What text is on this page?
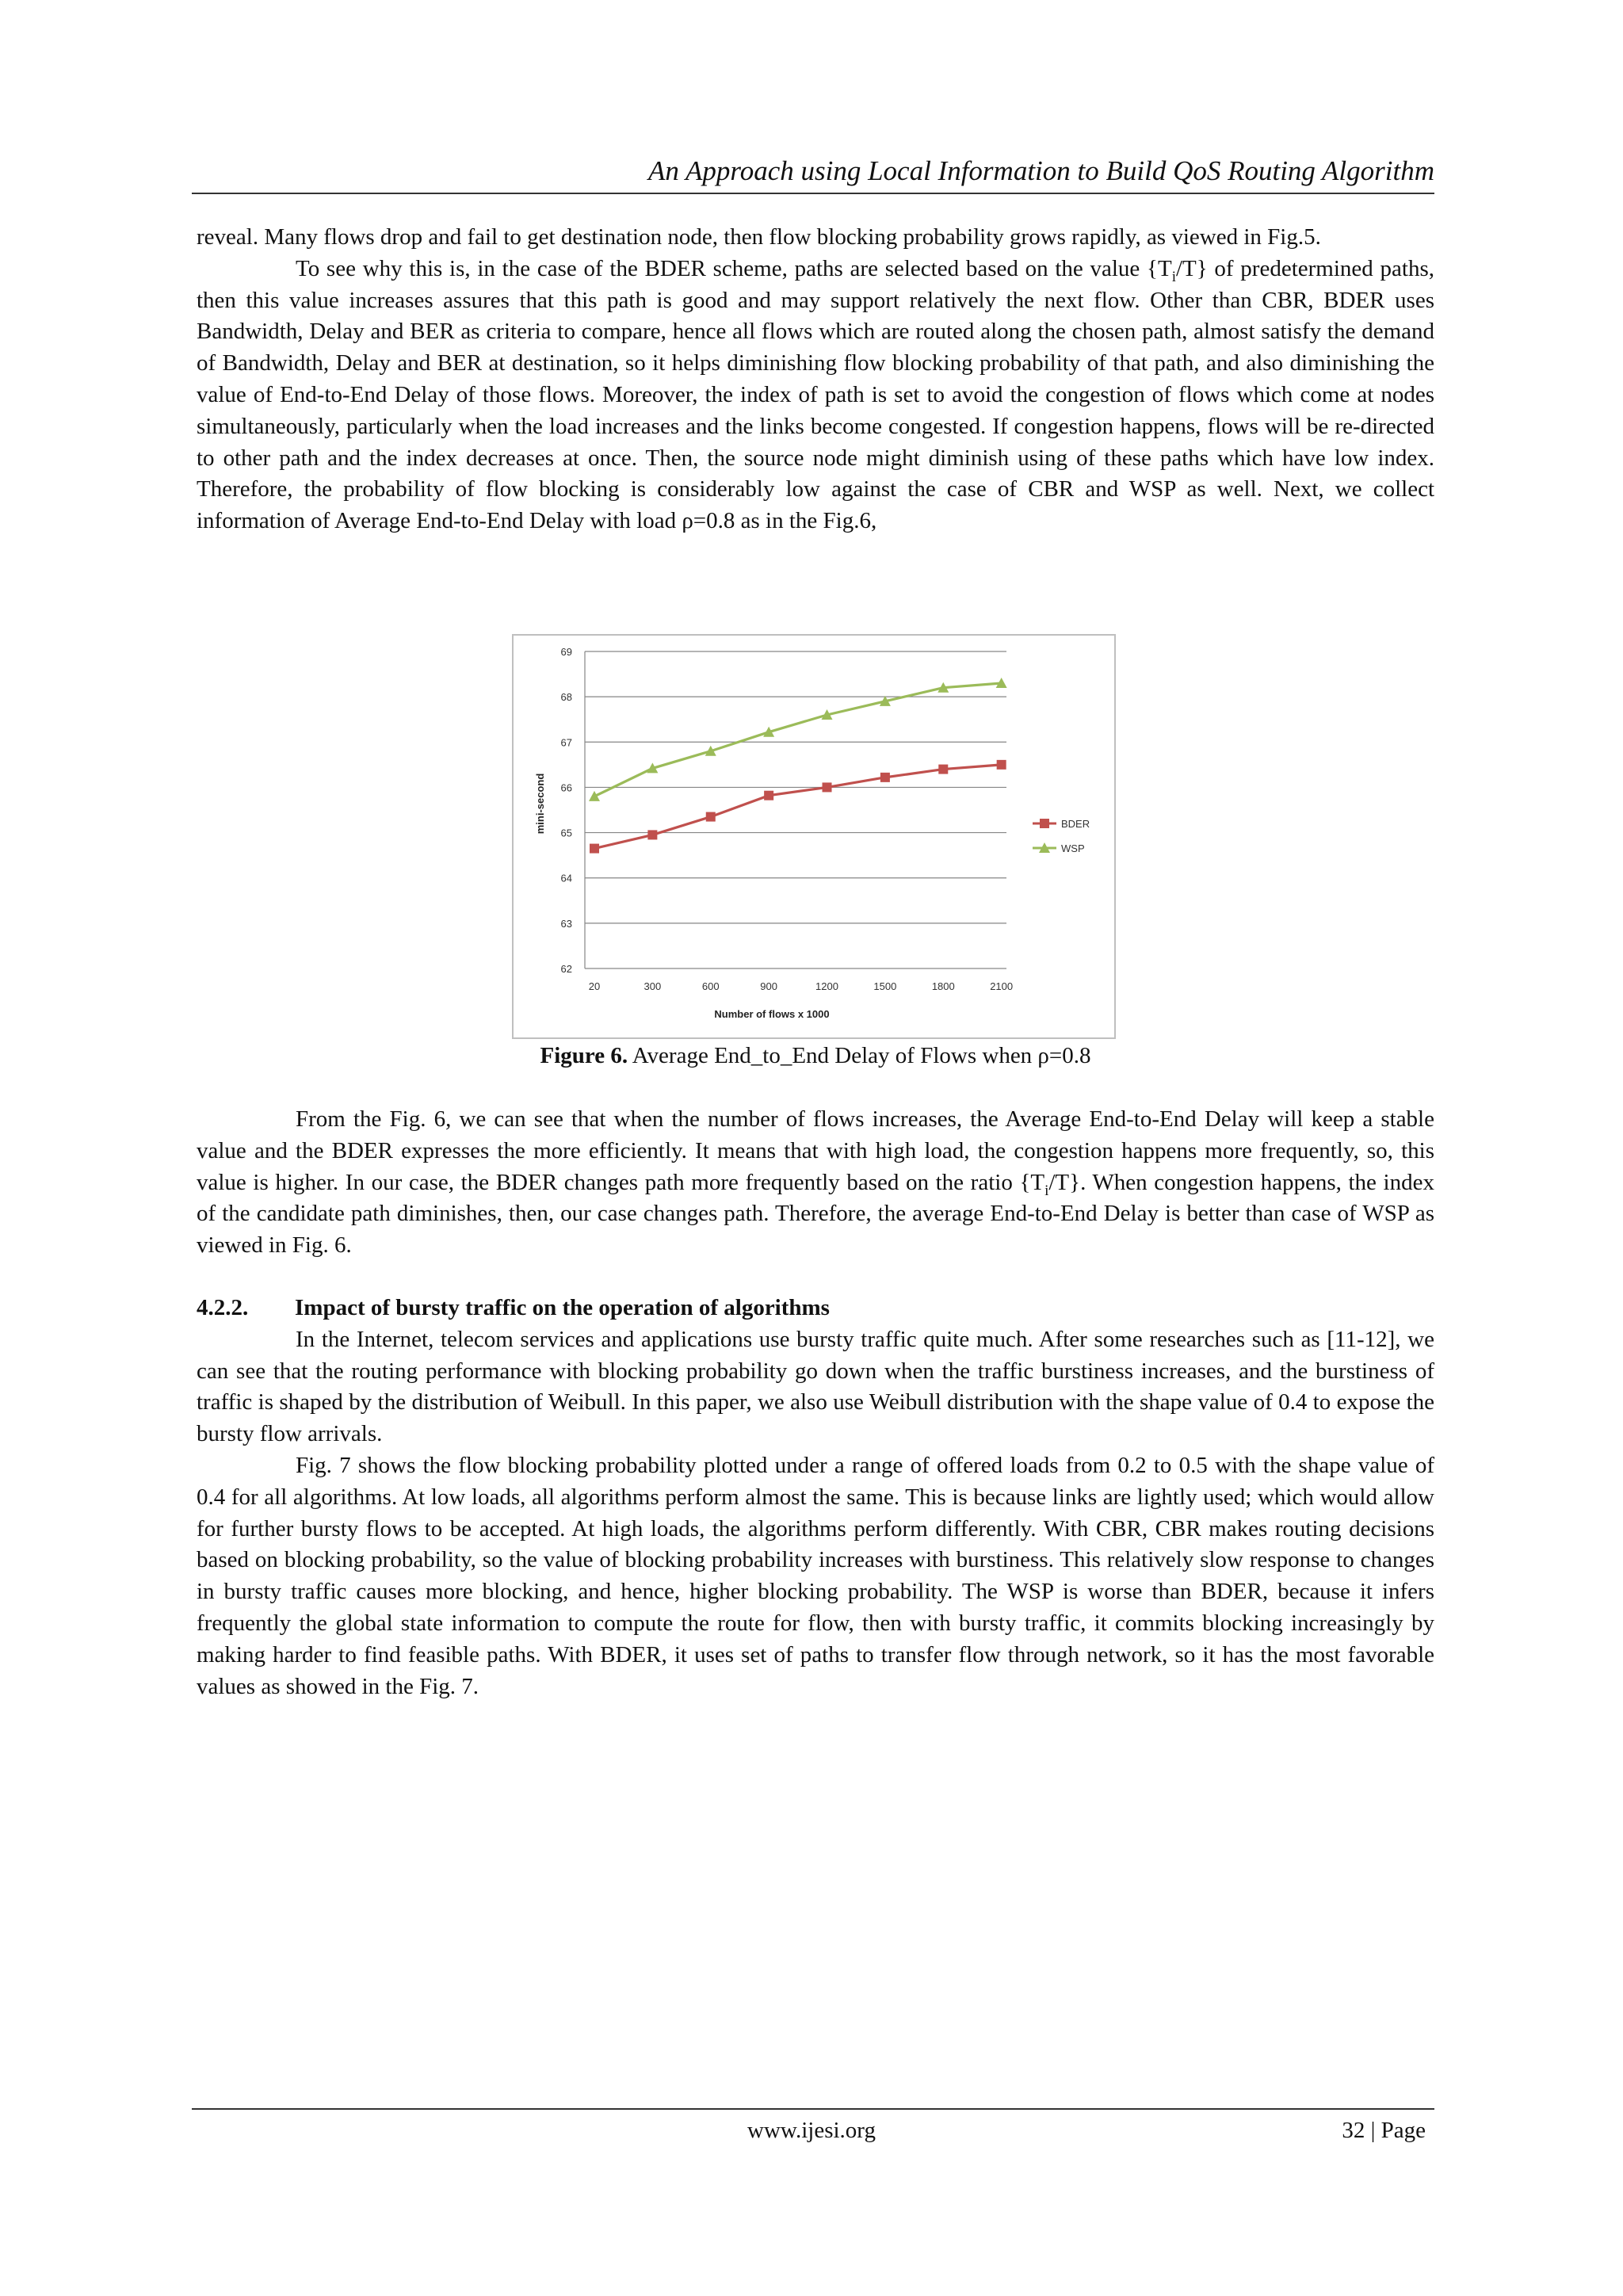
An Approach using Local Information to Build QoS Routing Algorithm

reveal. Many flows drop and fail to get destination node, then flow blocking probability grows rapidly, as viewed in Fig.5.

To see why this is, in the case of the BDER scheme, paths are selected based on the value $\{T_i/T\}$ of predetermined paths, then this value increases assures that this path is good and may support relatively the next flow. Other than CBR, BDER uses Bandwidth, Delay and BER as criteria to compare, hence all flows which are routed along the chosen path, almost satisfy the demand of Bandwidth, Delay and BER at destination, so it helps diminishing flow blocking probability of that path, and also diminishing the value of End-to-End Delay of those flows. Moreover, the index of path is set to avoid the congestion of flows which come at nodes simultaneously, particularly when the load increases and the links become congested. If congestion happens, flows will be re-directed to other path and the index decreases at once. Then, the source node might diminish using of these paths which have low index. Therefore, the probability of flow blocking is considerably low against the case of CBR and WSP as well. Next, we collect information of Average End-to-End Delay with load ρ=0.8 as in the Fig.6,

62
63
64
65
66
67
68
69
20	300	600	900	1200	1500	1800	2100
Number of flows x 1000
mini-second	BDER
WSP
Figure 6. Average End_to_End Delay of Flows when ρ=0.8

From the Fig. 6, we can see that when the number of flows increases, the Average End-to-End Delay will keep a stable value and the BDER expresses the more efficiently. It means that with high load, the congestion happens more frequently, so, this value is higher. In our case, the BDER changes path more frequently based on the ratio $\{T_i/T\}$. When congestion happens, the index of the candidate path diminishes, then, our case changes path. Therefore, the average End-to-End Delay is better than case of WSP as viewed in Fig. 6.

4.2.2. Impact of bursty traffic on the operation of algorithms

In the Internet, telecom services and applications use bursty traffic quite much. After some researches such as [11-12], we can see that the routing performance with blocking probability go down when the traffic burstiness increases, and the burstiness of traffic is shaped by the distribution of Weibull. In this paper, we also use Weibull distribution with the shape value of 0.4 to expose the bursty flow arrivals.

Fig. 7 shows the flow blocking probability plotted under a range of offered loads from 0.2 to 0.5 with the shape value of 0.4 for all algorithms. At low loads, all algorithms perform almost the same. This is because links are lightly used; which would allow for further bursty flows to be accepted. At high loads, the algorithms perform differently. With CBR, CBR makes routing decisions based on blocking probability, so the value of blocking probability increases with burstiness. This relatively slow response to changes in bursty traffic causes more blocking, and hence, higher blocking probability. The WSP is worse than BDER, because it infers frequently the global state information to compute the route for flow, then with bursty traffic, it commits blocking increasingly by making harder to find feasible paths. With BDER, it uses set of paths to transfer flow through network, so it has the most favorable values as showed in the Fig. 7.

www.ijesi.org	32 | Page
